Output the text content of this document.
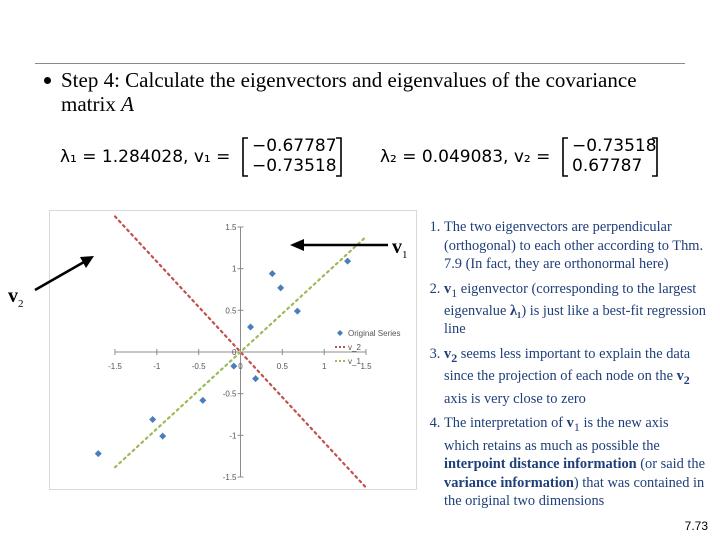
Step 4: Calculate the eigenvectors and eigenvalues of the covariance matrix A
λ₁ = 1.284028, v₁ =
−0.67787
−0.73518	λ₂ = 0.049083, v₂ =
−0.73518
0.67787
-1.5	-1	-0.5	0	0.5	1	1.5
1.5
1
0.5
0
-0.5
-1
-1.5
Original Series
v_2
v_1
$v_1$
$v_2$
1. The two eigenvectors are perpendicular (orthogonal) to each other according to Thm. 7.9 (In fact, they are orthonormal here)
2. $v_1$ eigenvector (corresponding to the largest eigenvalue λ₁) is just like a best-fit regression line
3. $v_2$ seems less important to explain the data since the projection of each node on the $v_2$ axis is very close to zero
4. The interpretation of $v_1$ is the new axis which retains as much as possible the interpoint distance information (or said the variance information) that was contained in the original two dimensions
7.73
